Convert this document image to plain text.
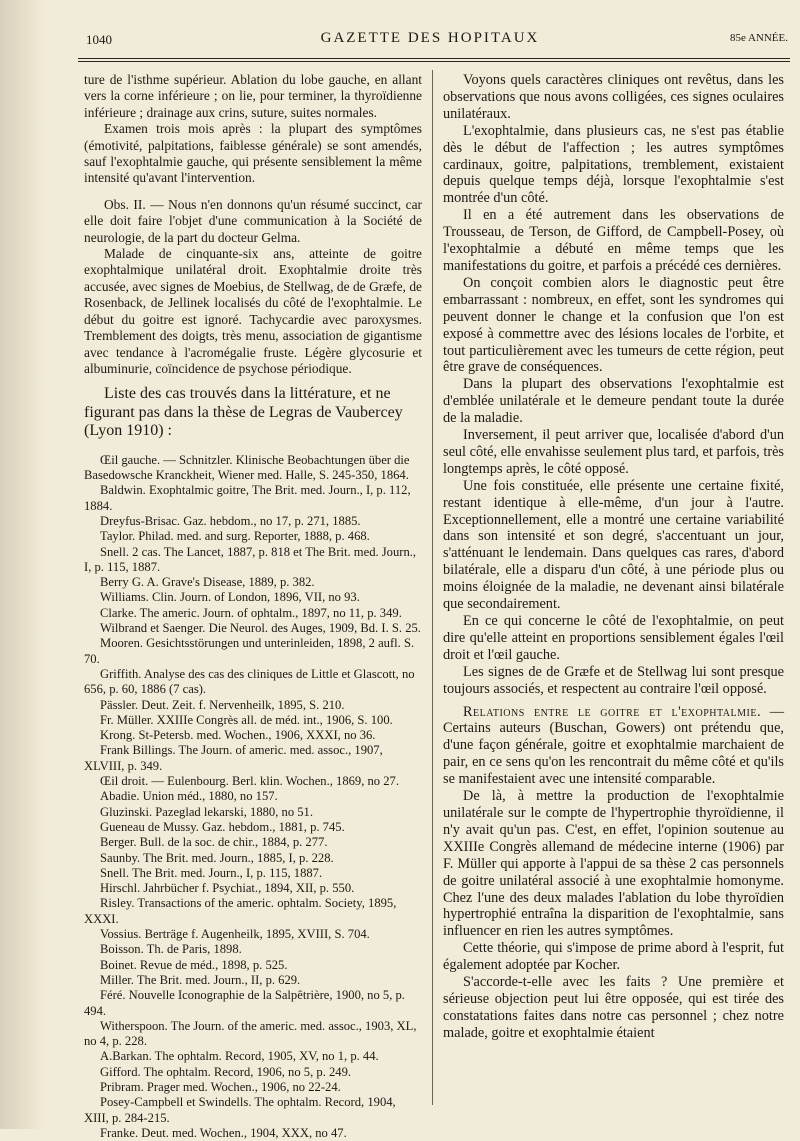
1040	GAZETTE DES HOPITAUX	85e ANNÉE.

ture de l'isthme supérieur. Ablation du lobe gauche, en allant vers la corne inférieure ; on lie, pour terminer, la thyroïdienne inférieure ; drainage aux crins, suture, suites normales.

Examen trois mois après : la plupart des symptômes (émotivité, palpitations, faiblesse générale) se sont amendés, sauf l'exophtalmie gauche, qui présente sensiblement la même intensité qu'avant l'intervention.

Obs. II. — Nous n'en donnons qu'un résumé succinct, car elle doit faire l'objet d'une communication à la Société de neurologie, de la part du docteur Gelma.

Malade de cinquante-six ans, atteinte de goitre exophtalmique unilatéral droit. Exophtalmie droite très accusée, avec signes de Moebius, de Stellwag, de de Græfe, de Rosenback, de Jellinek localisés du côté de l'exophtalmie. Le début du goitre est ignoré. Tachycardie avec paroxysmes. Tremblement des doigts, très menu, association de gigantisme avec tendance à l'acromégalie fruste. Légère glycosurie et albuminurie, coïncidence de psychose périodique.

Liste des cas trouvés dans la littérature, et ne figurant pas dans la thèse de Legras de Vaubercey (Lyon 1910) :

Œil gauche. — Schnitzler. Klinische Beobachtungen über die Basedowsche Kranckheit, Wiener med. Halle, S. 245-350, 1864.

Baldwin. Exophtalmic goitre, The Brit. med. Journ., I, p. 112, 1884.

Dreyfus-Brisac. Gaz. hebdom., no 17, p. 271, 1885.

Taylor. Philad. med. and surg. Reporter, 1888, p. 468.

Snell. 2 cas. The Lancet, 1887, p. 818 et The Brit. med. Journ., I, p. 115, 1887.

Berry G. A. Grave's Disease, 1889, p. 382.

Williams. Clin. Journ. of London, 1896, VII, no 93.

Clarke. The americ. Journ. of ophtalm., 1897, no 11, p. 349.

Wilbrand et Saenger. Die Neurol. des Auges, 1909, Bd. I. S. 25.

Mooren. Gesichtsstörungen und unterinleiden, 1898, 2 aufl. S. 70.

Griffith. Analyse des cas des cliniques de Little et Glascott, no 656, p. 60, 1886 (7 cas).

Pässler. Deut. Zeit. f. Nervenheilk, 1895, S. 210.

Fr. Müller. XXIIIe Congrès all. de méd. int., 1906, S. 100.

Krong. St-Petersb. med. Wochen., 1906, XXXI, no 36.

Frank Billings. The Journ. of americ. med. assoc., 1907, XLVIII, p. 349.

Œil droit. — Eulenbourg. Berl. klin. Wochen., 1869, no 27.

Abadie. Union méd., 1880, no 157.

Gluzinski. Pazeglad lekarski, 1880, no 51.

Gueneau de Mussy. Gaz. hebdom., 1881, p. 745.

Berger. Bull. de la soc. de chir., 1884, p. 277.

Saunby. The Brit. med. Journ., 1885, I, p. 228.

Snell. The Brit. med. Journ., I, p. 115, 1887.

Hirschl. Jahrbücher f. Psychiat., 1894, XII, p. 550.

Risley. Transactions of the americ. ophtalm. Society, 1895, XXXI.

Vossius. Berträge f. Augenheilk, 1895, XVIII, S. 704.

Boisson. Th. de Paris, 1898.

Boinet. Revue de méd., 1898, p. 525.

Miller. The Brit. med. Journ., II, p. 629.

Féré. Nouvelle Iconographie de la Salpêtrière, 1900, no 5, p. 494.

Witherspoon. The Journ. of the americ. med. assoc., 1903, XL, no 4, p. 228.

A.Barkan. The ophtalm. Record, 1905, XV, no 1, p. 44.

Gifford. The ophtalm. Record, 1906, no 5, p. 249.

Pribram. Prager med. Wochen., 1906, no 22-24.

Posey-Campbell et Swindells. The ophtalm. Record, 1904, XIII, p. 284-215.

Franke. Deut. med. Wochen., 1904, XXX, no 47.

Voyons quels caractères cliniques ont revêtus, dans les observations que nous avons colligées, ces signes oculaires unilatéraux.

L'exophtalmie, dans plusieurs cas, ne s'est pas établie dès le début de l'affection ; les autres symptômes cardinaux, goitre, palpitations, tremblement, existaient depuis quelque temps déjà, lorsque l'exophtalmie s'est montrée d'un côté.

Il en a été autrement dans les observations de Trousseau, de Terson, de Gifford, de Campbell-Posey, où l'exophtalmie a débuté en même temps que les manifestations du goitre, et parfois a précédé ces dernières.

On conçoit combien alors le diagnostic peut être embarrassant : nombreux, en effet, sont les syndromes qui peuvent donner le change et la confusion que l'on est exposé à commettre avec des lésions locales de l'orbite, et tout particulièrement avec les tumeurs de cette région, peut être grave de conséquences.

Dans la plupart des observations l'exophtalmie est d'emblée unilatérale et le demeure pendant toute la durée de la maladie.

Inversement, il peut arriver que, localisée d'abord d'un seul côté, elle envahisse seulement plus tard, et parfois, très longtemps après, le côté opposé.

Une fois constituée, elle présente une certaine fixité, restant identique à elle-même, d'un jour à l'autre. Exceptionnellement, elle a montré une certaine variabilité dans son intensité et son degré, s'accentuant un jour, s'atténuant le lendemain. Dans quelques cas rares, d'abord bilatérale, elle a disparu d'un côté, à une période plus ou moins éloignée de la maladie, ne devenant ainsi bilatérale que secondairement.

En ce qui concerne le côté de l'exophtalmie, on peut dire qu'elle atteint en proportions sensiblement égales l'œil droit et l'œil gauche.

Les signes de de Græfe et de Stellwag lui sont presque toujours associés, et respectent au contraire l'œil opposé.

Relations entre le goitre et l'exophtalmie. — Certains auteurs (Buschan, Gowers) ont prétendu que, d'une façon générale, goitre et exophtalmie marchaient de pair, en ce sens qu'on les rencontrait du même côté et qu'ils se manifestaient avec une intensité comparable.

De là, à mettre la production de l'exophtalmie unilatérale sur le compte de l'hypertrophie thyroïdienne, il n'y avait qu'un pas. C'est, en effet, l'opinion soutenue au XXIIIe Congrès allemand de médecine interne (1906) par F. Müller qui apporte à l'appui de sa thèse 2 cas personnels de goitre unilatéral associé à une exophtalmie homonyme. Chez l'une des deux malades l'ablation du lobe thyroïdien hypertrophié entraîna la disparition de l'exophtalmie, sans influencer en rien les autres symptômes.

Cette théorie, qui s'impose de prime abord à l'esprit, fut également adoptée par Kocher.

S'accorde-t-elle avec les faits ? Une première et sérieuse objection peut lui être opposée, qui est tirée des constatations faites dans notre cas personnel ; chez notre malade, goitre et exophtalmie étaient
